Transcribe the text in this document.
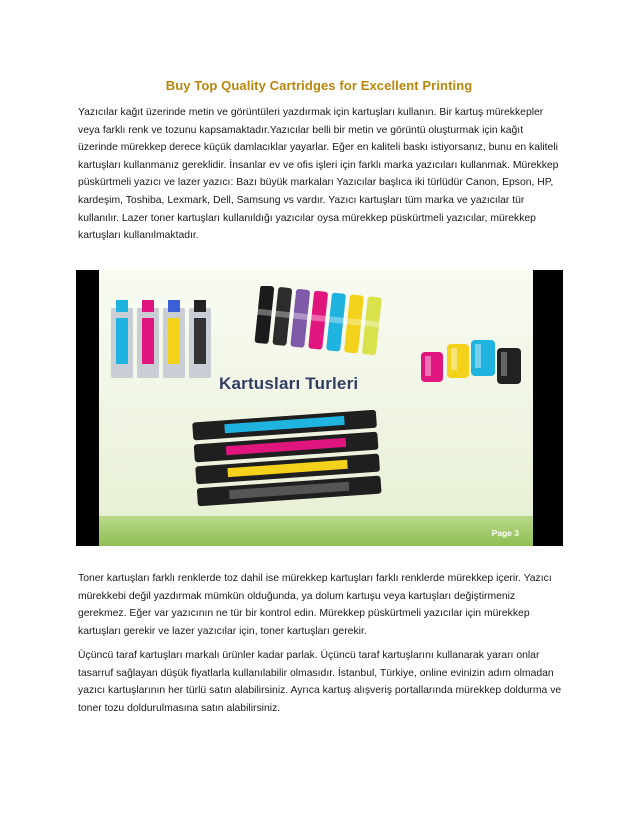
Buy Top Quality Cartridges for Excellent Printing

Yazıcılar kağıt üzerinde metin ve görüntüleri yazdırmak için kartuşları kullanın. Bir kartuş mürekkepler veya farklı renk ve tozunu kapsamaktadır.Yazıcılar belli bir metin ve görüntü oluşturmak için kağıt üzerinde mürekkep derece küçük damlacıklar yayarlar. Eğer en kaliteli baskı istiyorsanız, bunu en kaliteli kartuşları kullanmanız gereklidir. İnsanlar ev ve ofis işleri için farklı marka yazıcıları kullanmak. Mürekkep püskürtmeli yazıcı ve lazer yazıcı: Bazı büyük markaları Yazıcılar başlıca iki türlüdür Canon, Epson, HP, kardeşim, Toshiba, Lexmark, Dell, Samsung vs vardır. Yazıcı kartuşları tüm marka ve yazıcılar tür kullanılır. Lazer toner kartuşları kullanıldığı yazıcılar oysa mürekkep püskürtmeli yazıcılar, mürekkep kartuşları kullanılmaktadır.

Kartusları Turleri
Page 3

Toner kartuşları farklı renklerde toz dahil ise mürekkep kartuşları farklı renklerde mürekkep içerir. Yazıcı mürekkebi değil yazdırmak mümkün olduğunda, ya dolum kartuşu veya kartuşları değiştirmeniz gerekmez. Eğer var yazıcının ne tür bir kontrol edin. Mürekkep püskürtmeli yazıcılar için mürekkep kartuşları gerekir ve lazer yazıcılar için, toner kartuşları gerekir.

Üçüncü taraf kartuşları markalı ürünler kadar parlak. Üçüncü taraf kartuşlarını kullanarak yararı onlar tasarruf sağlayan düşük fiyatlarla kullanılabilir olmasıdır. İstanbul, Türkiye, online evinizin adım olmadan yazıcı kartuşlarının her türlü satın alabilirsiniz. Ayrıca kartuş alışveriş portallarında mürekkep doldurma ve toner tozu doldurulmasına satın alabilirsiniz.
